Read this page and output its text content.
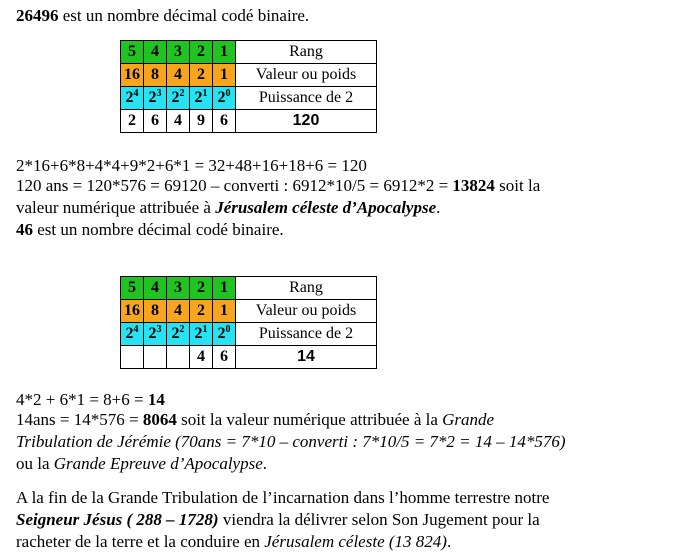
26496 est un nombre décimal codé binaire.
5	4	3	2	1	Rang
16	8	4	2	1	Valeur ou poids
$2^4$	$2^3$	$2^2$	$2^1$	$2^0$	Puissance de 2
2	6	4	9	6	120
2*16+6*8+4*4+9*2+6*1 = 32+48+16+18+6 = 120
120 ans = 120*576 = 69120 – converti : 6912*10/5 = 6912*2 = 13824 soit la
valeur numérique attribuée à Jérusalem céleste d’Apocalypse.
46 est un nombre décimal codé binaire.
5	4	3	2	1	Rang
16	8	4	2	1	Valeur ou poids
$2^4$	$2^3$	$2^2$	$2^1$	$2^0$	Puissance de 2
			4	6	14
4*2 + 6*1 = 8+6 = 14
14ans = 14*576 = 8064 soit la valeur numérique attribuée à la Grande
Tribulation de Jérémie (70ans = 7*10 – converti : 7*10/5 = 7*2 = 14 – 14*576)
ou la Grande Epreuve d’Apocalypse.
A la fin de la Grande Tribulation de l’incarnation dans l’homme terrestre notre
Seigneur Jésus ( 288 – 1728) viendra la délivrer selon Son Jugement pour la
racheter de la terre et la conduire en Jérusalem céleste (13 824).
